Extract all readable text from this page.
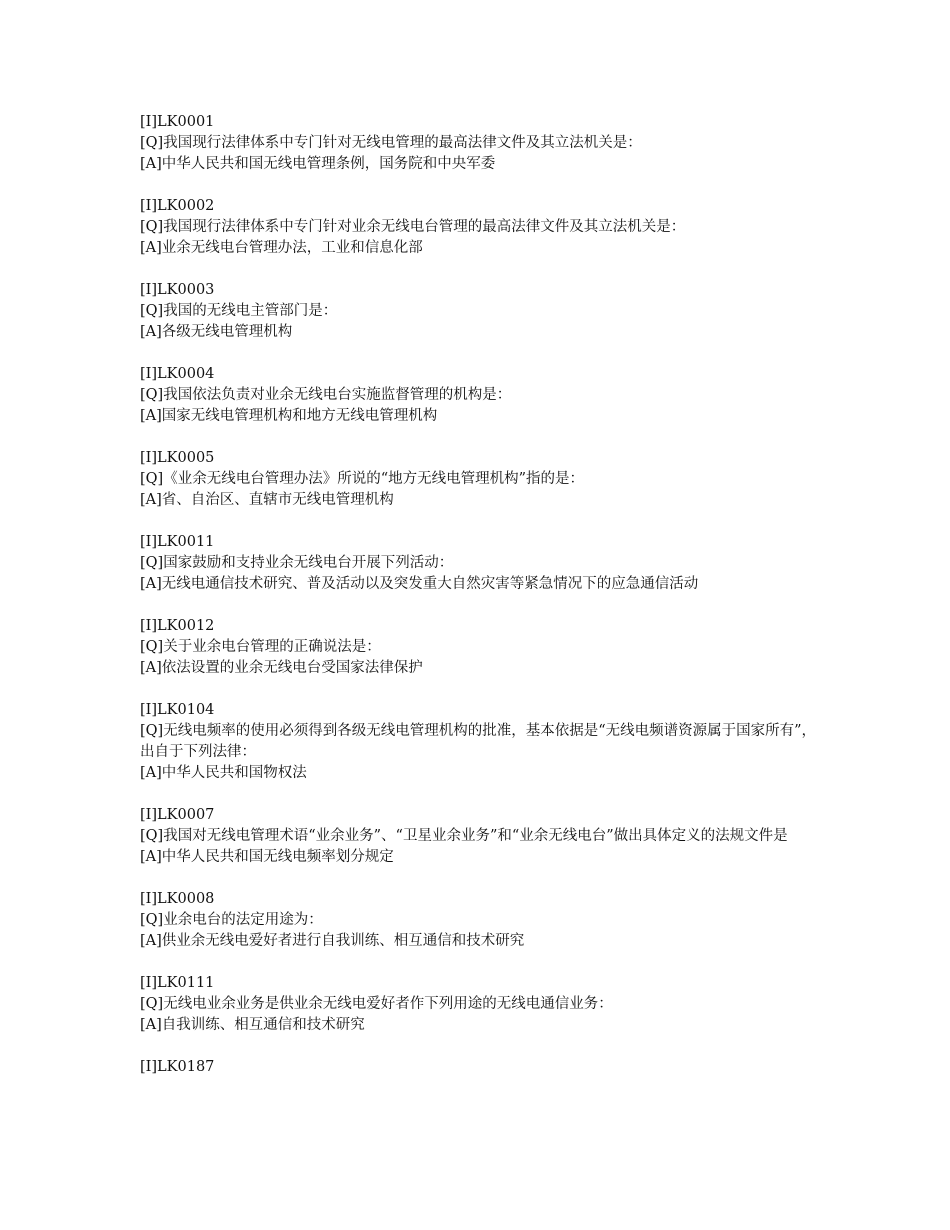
[I]LK0001
[Q]我国现行法律体系中专门针对无线电管理的最高法律文件及其立法机关是：
[A]中华人民共和国无线电管理条例，国务院和中央军委
[I]LK0002
[Q]我国现行法律体系中专门针对业余无线电台管理的最高法律文件及其立法机关是：
[A]业余无线电台管理办法，工业和信息化部
[I]LK0003
[Q]我国的无线电主管部门是：
[A]各级无线电管理机构
[I]LK0004
[Q]我国依法负责对业余无线电台实施监督管理的机构是：
[A]国家无线电管理机构和地方无线电管理机构
[I]LK0005
[Q]《业余无线电台管理办法》所说的“地方无线电管理机构”指的是：
[A]省、自治区、直辖市无线电管理机构
[I]LK0011
[Q]国家鼓励和支持业余无线电台开展下列活动：
[A]无线电通信技术研究、普及活动以及突发重大自然灾害等紧急情况下的应急通信活动
[I]LK0012
[Q]关于业余电台管理的正确说法是：
[A]依法设置的业余无线电台受国家法律保护
[I]LK0104
[Q]无线电频率的使用必须得到各级无线电管理机构的批准，基本依据是“无线电频谱资源属于国家所有”，出自于下列法律：
[A]中华人民共和国物权法
[I]LK0007
[Q]我国对无线电管理术语“业余业务”、“卫星业余业务”和“业余无线电台”做出具体定义的法规文件是
[A]中华人民共和国无线电频率划分规定
[I]LK0008
[Q]业余电台的法定用途为：
[A]供业余无线电爱好者进行自我训练、相互通信和技术研究
[I]LK0111
[Q]无线电业余业务是供业余无线电爱好者作下列用途的无线电通信业务：
[A]自我训练、相互通信和技术研究
[I]LK0187
